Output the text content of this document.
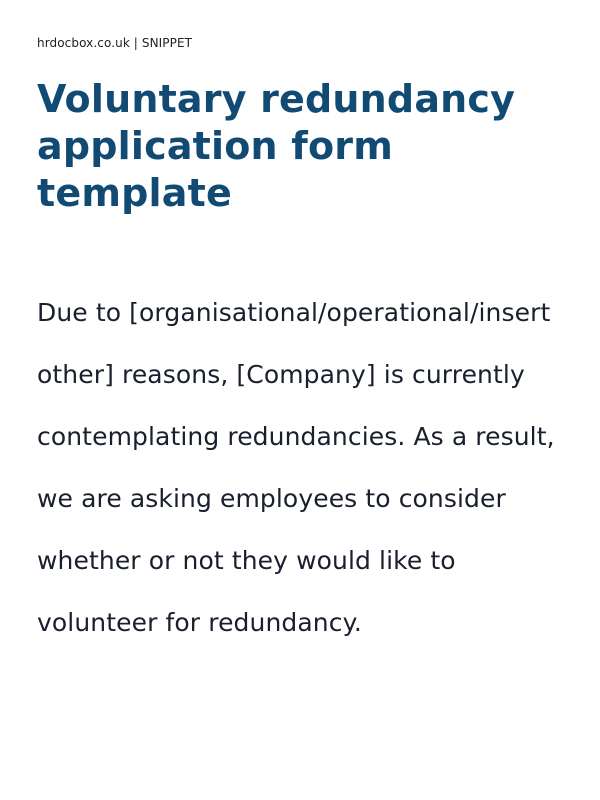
hrdocbox.co.uk | SNIPPET
Voluntary redundancy application form template

Due to [organisational/operational/insert other] reasons, [Company] is currently contemplating redundancies. As a result, we are asking employees to consider whether or not they would like to volunteer for redundancy.
